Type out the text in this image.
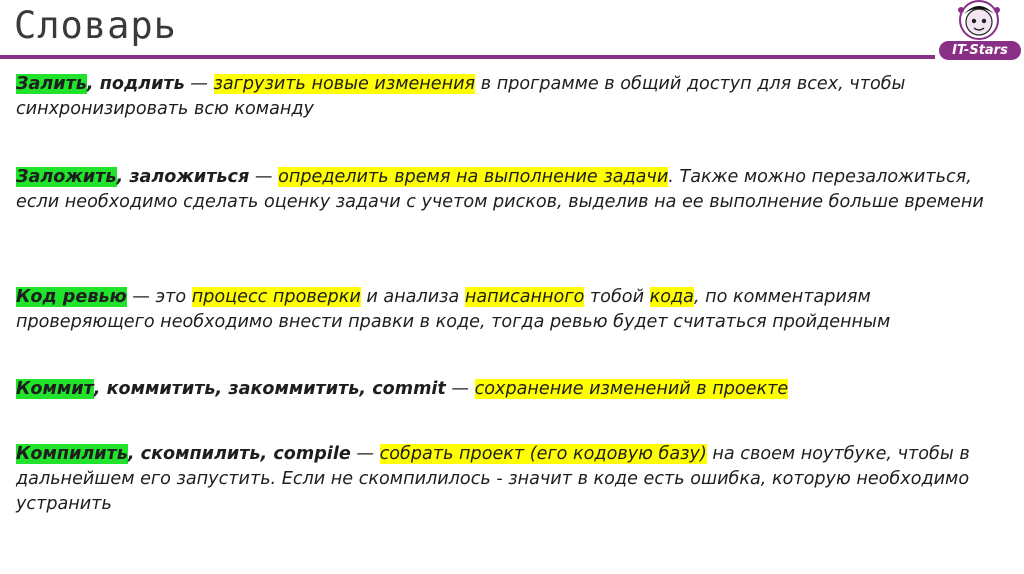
Словарь
IT-Stars

Залить, подлить — загрузить новые изменения в программе в общий доступ для всех, чтобы синхронизировать всю команду

Заложить, заложиться — определить время на выполнение задачи. Также можно перезаложиться, если необходимо сделать оценку задачи с учетом рисков, выделив на ее выполнение больше времени

Код ревью — это процесс проверки и анализа написанного тобой кода, по комментариям проверяющего необходимо внести правки в коде, тогда ревью будет считаться пройденным

Коммит, коммитить, закоммитить, commit — сохранение изменений в проекте

Компилить, скомпилить, compile — собрать проект (его кодовую базу) на своем ноутбуке, чтобы в дальнейшем его запустить. Если не скомпилилось - значит в коде есть ошибка, которую необходимо устранить
